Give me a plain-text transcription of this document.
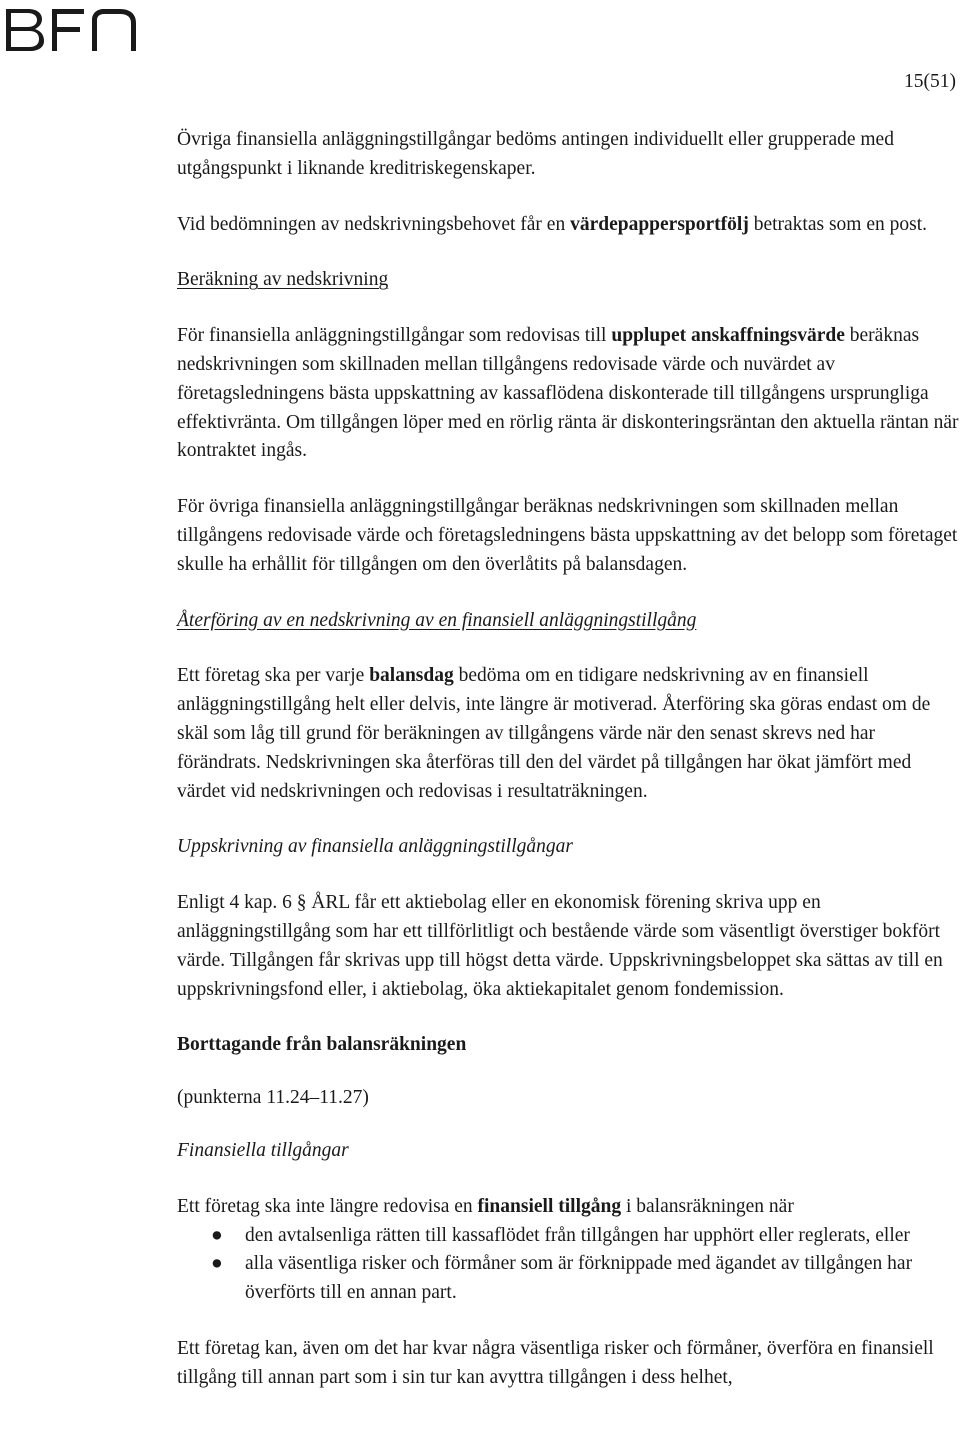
15(51)

Övriga finansiella anläggningstillgångar bedöms antingen individuellt eller grupperade med utgångspunkt i liknande kreditriskegenskaper.

Vid bedömningen av nedskrivningsbehovet får en värdepappersportfölj betraktas som en post.

Beräkning av nedskrivning

För finansiella anläggningstillgångar som redovisas till upplupet anskaffningsvärde beräknas nedskrivningen som skillnaden mellan tillgångens redovisade värde och nuvärdet av företagsledningens bästa uppskattning av kassaflödena diskonterade till tillgångens ursprungliga effektivränta. Om tillgången löper med en rörlig ränta är diskonteringsräntan den aktuella räntan när kontraktet ingås.

För övriga finansiella anläggningstillgångar beräknas nedskrivningen som skillnaden mellan tillgångens redovisade värde och företagsledningens bästa uppskattning av det belopp som företaget skulle ha erhållit för tillgången om den överlåtits på balansdagen.

Återföring av en nedskrivning av en finansiell anläggningstillgång

Ett företag ska per varje balansdag bedöma om en tidigare nedskrivning av en finansiell anläggningstillgång helt eller delvis, inte längre är motiverad. Återföring ska göras endast om de skäl som låg till grund för beräkningen av tillgångens värde när den senast skrevs ned har förändrats. Nedskrivningen ska återföras till den del värdet på tillgången har ökat jämfört med värdet vid nedskrivningen och redovisas i resultaträkningen.

Uppskrivning av finansiella anläggningstillgångar

Enligt 4 kap. 6 § ÅRL får ett aktiebolag eller en ekonomisk förening skriva upp en anläggningstillgång som har ett tillförlitligt och bestående värde som väsentligt överstiger bokfört värde. Tillgången får skrivas upp till högst detta värde. Uppskrivningsbeloppet ska sättas av till en uppskrivningsfond eller, i aktiebolag, öka aktiekapitalet genom fondemission.

Borttagande från balansräkningen

(punkterna 11.24–11.27)

Finansiella tillgångar

Ett företag ska inte längre redovisa en finansiell tillgång i balansräkningen när

● den avtalsenliga rätten till kassaflödet från tillgången har upphört eller reglerats, eller
● alla väsentliga risker och förmåner som är förknippade med ägandet av tillgången har överförts till en annan part.

Ett företag kan, även om det har kvar några väsentliga risker och förmåner, överföra en finansiell tillgång till annan part som i sin tur kan avyttra tillgången i dess helhet,
